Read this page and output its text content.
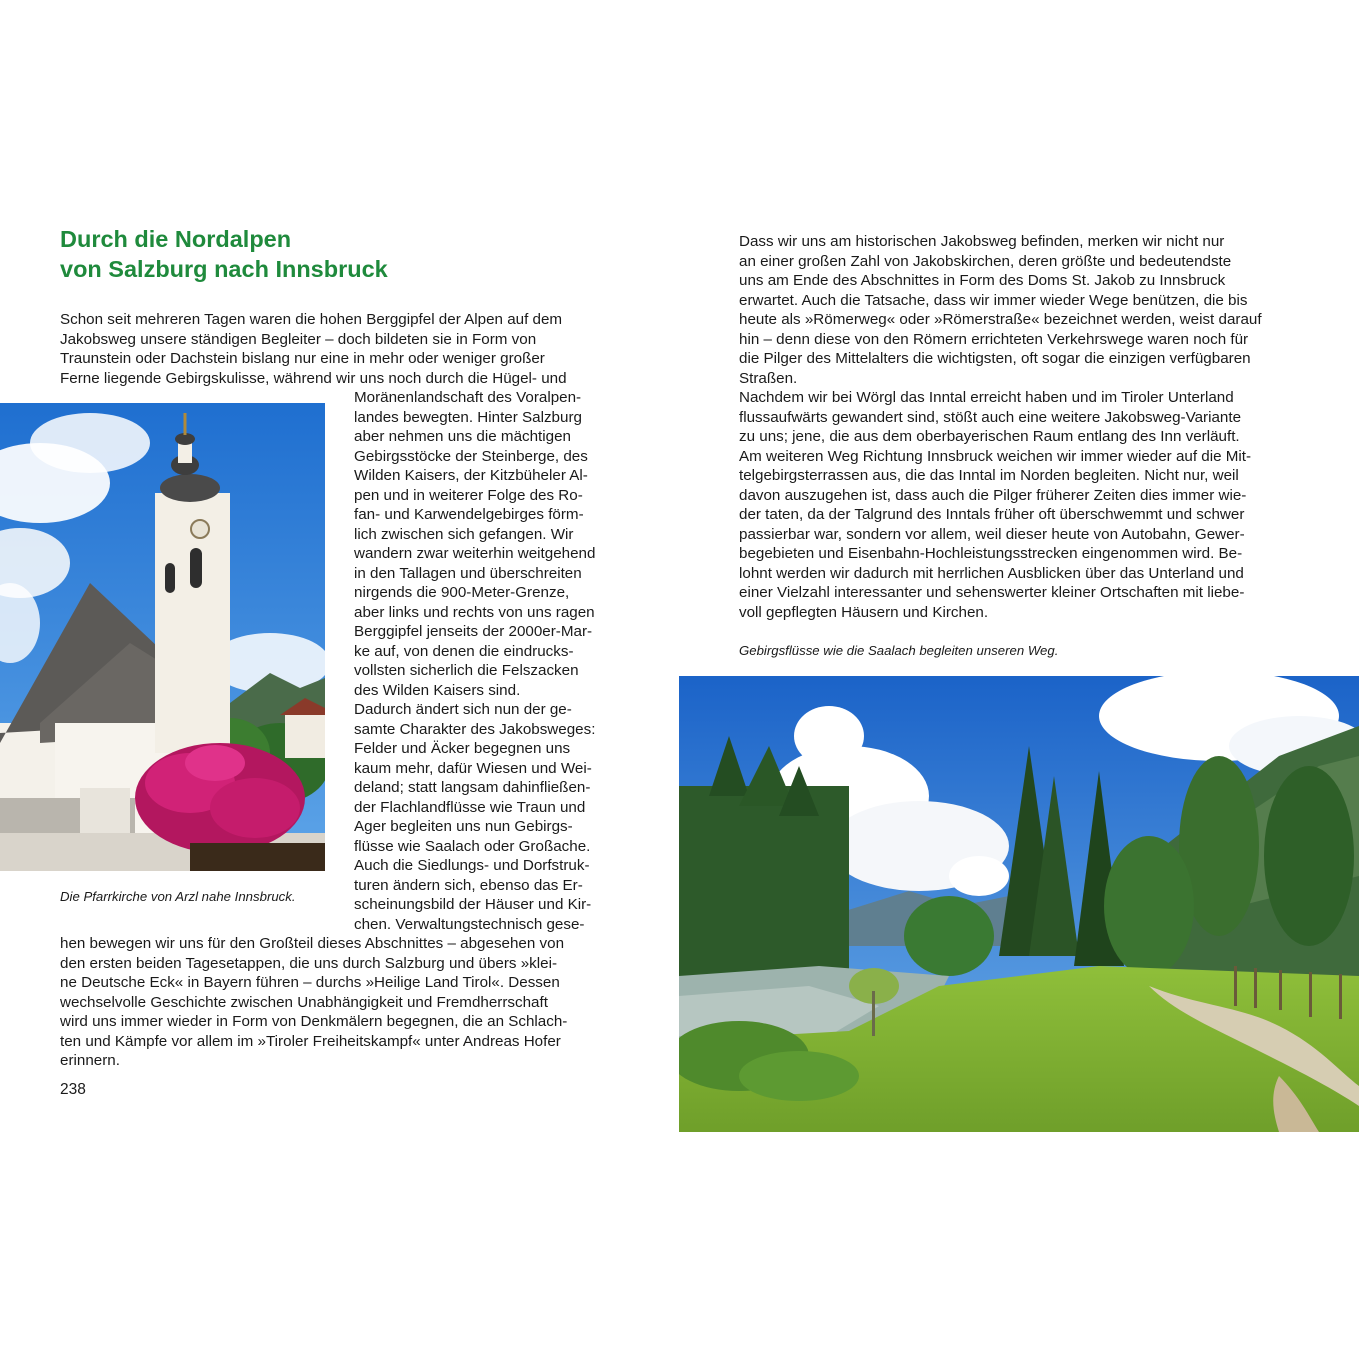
Durch die Nordalpen
von Salzburg nach Innsbruck
Schon seit mehreren Tagen waren die hohen Berggipfel der Alpen auf dem
Jakobsweg unsere ständigen Begleiter – doch bildeten sie in Form von
Traunstein oder Dachstein bislang nur eine in mehr oder weniger großer
Ferne liegende Gebirgskulisse, während wir uns noch durch die Hügel- und
Moränenlandschaft des Voralpen-
landes bewegten. Hinter Salzburg
aber nehmen uns die mächtigen
Gebirgsstöcke der Steinberge, des
Wilden Kaisers, der Kitzbüheler Al-
pen und in weiterer Folge des Ro-
fan- und Karwendelgebirges förm-
lich zwischen sich gefangen. Wir
wandern zwar weiterhin weitgehend
in den Tallagen und überschreiten
nirgends die 900-Meter-Grenze,
aber links und rechts von uns ragen
Berggipfel jenseits der 2000er-Mar-
ke auf, von denen die eindrucks-
vollsten sicherlich die Felszacken
des Wilden Kaisers sind.
Dadurch ändert sich nun der ge-
samte Charakter des Jakobsweges:
Felder und Äcker begegnen uns
kaum mehr, dafür Wiesen und Wei-
deland; statt langsam dahinfließen-
der Flachlandflüsse wie Traun und
Ager begleiten uns nun Gebirgs-
flüsse wie Saalach oder Großache.
Auch die Siedlungs- und Dorfstruk-
turen ändern sich, ebenso das Er-
scheinungsbild der Häuser und Kir-
chen. Verwaltungstechnisch gese-
hen bewegen wir uns für den Großteil dieses Abschnittes – abgesehen von
den ersten beiden Tagesetappen, die uns durch Salzburg und übers »klei-
ne Deutsche Eck« in Bayern führen – durchs »Heilige Land Tirol«. Dessen
wechselvolle Geschichte zwischen Unabhängigkeit und Fremdherrschaft
wird uns immer wieder in Form von Denkmälern begegnen, die an Schlach-
ten und Kämpfe vor allem im »Tiroler Freiheitskampf« unter Andreas Hofer
erinnern.
Die Pfarrkirche von Arzl nahe Innsbruck.
238
Dass wir uns am historischen Jakobsweg befinden, merken wir nicht nur
an einer großen Zahl von Jakobskirchen, deren größte und bedeutendste
uns am Ende des Abschnittes in Form des Doms St. Jakob zu Innsbruck
erwartet. Auch die Tatsache, dass wir immer wieder Wege benützen, die bis
heute als »Römerweg« oder »Römerstraße« bezeichnet werden, weist darauf
hin – denn diese von den Römern errichteten Verkehrswege waren noch für
die Pilger des Mittelalters die wichtigsten, oft sogar die einzigen verfügbaren
Straßen.
Nachdem wir bei Wörgl das Inntal erreicht haben und im Tiroler Unterland
flussaufwärts gewandert sind, stößt auch eine weitere Jakobsweg-Variante
zu uns; jene, die aus dem oberbayerischen Raum entlang des Inn verläuft.
Am weiteren Weg Richtung Innsbruck weichen wir immer wieder auf die Mit-
telgebirgsterrassen aus, die das Inntal im Norden begleiten. Nicht nur, weil
davon auszugehen ist, dass auch die Pilger früherer Zeiten dies immer wie-
der taten, da der Talgrund des Inntals früher oft überschwemmt und schwer
passierbar war, sondern vor allem, weil dieser heute von Autobahn, Gewer-
begebieten und Eisenbahn-Hochleistungsstrecken eingenommen wird. Be-
lohnt werden wir dadurch mit herrlichen Ausblicken über das Unterland und
einer Vielzahl interessanter und sehenswerter kleiner Ortschaften mit liebe-
voll gepflegten Häusern und Kirchen.
Gebirgsflüsse wie die Saalach begleiten unseren Weg.
